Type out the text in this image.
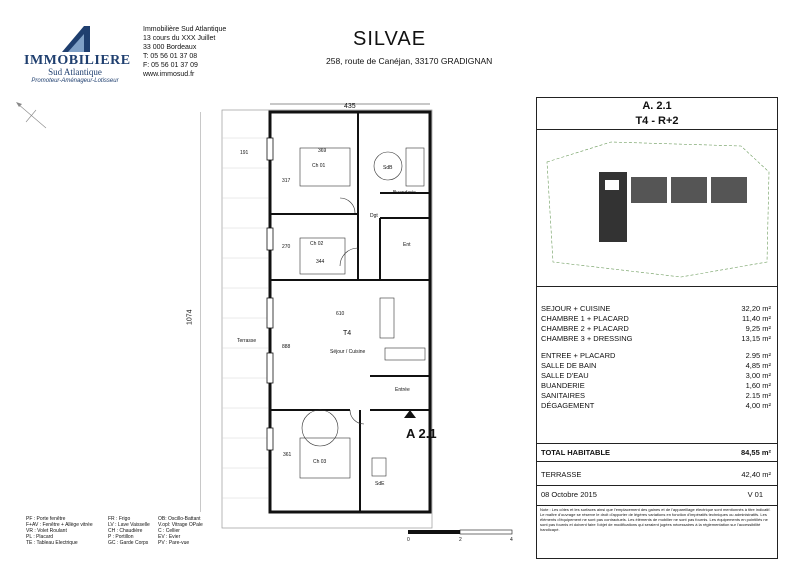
IMMOBILIERE
Sud Atlantique
Promoteur-Aménageur-Lotisseur
Immobilière Sud Atlantique
13 cours du XXX Juillet
33 000 Bordeaux
T: 05 56 01 37 08
F: 05 56 01 37 09
www.immosud.fr
SILVAE
258, route de Canéjan, 33170 GRADIGNAN
435
1074
191	369
317
270
344
610
888
361
Ch 01	SdB
Buanderie
Dgt
Ch 02	Ent
T4
Séjour / Cuisine
Terrasse
Entrée
Ch 03
SdE
A 2.1
A. 2.1
T4 - R+2
SEJOUR + CUISINE	32,20 m²
CHAMBRE 1 + PLACARD	11,40 m²
CHAMBRE 2 + PLACARD	9,25 m²
CHAMBRE 3 + DRESSING	13,15 m²
ENTREE + PLACARD	2.95 m²
SALLE DE BAIN	4,85 m²
SALLE D'EAU	3,00 m²
BUANDERIE	1,60 m²
SANITAIRES	2.15 m²
DÉGAGEMENT	4,00 m²
TOTAL HABITABLE	84,55 m²
TERRASSE	42,40 m²
08 Octobre 2015	V 01
Note : Les côtes et les surfaces ainsi que l'emplacement des gaines et de l'appareillage électrique sont mentionnés à titre indicatif. Le maître d'ouvrage se réserve le droit d'apporter de légères variations en fonction d'impératifs techniques ou administratifs. Les éléments d'équipement ne sont pas contractuels. Les éléments de mobilier ne sont pas fournis. Les équipements en pointillés ne sont pas fournis et doivent faire l'objet de modifications qui seraient jugées nécessaires à la réglementation sur l'accessibilité handicapé.
PF : Porte fenêtre
F+AV : Fenêtre + Allège vitrée
VR : Volet Roulant
PL : Placard
TE : Tableau Electrique
FR : Frigo
LV : Lave Vaisselle
CH : Chaudière
P : Portillon
GC : Garde Corps
OB: Oscillo-Battant
V.opl: Vitrage OPale
C : Cellier
EV : Evier
PV : Pare-vue	0	2	4
